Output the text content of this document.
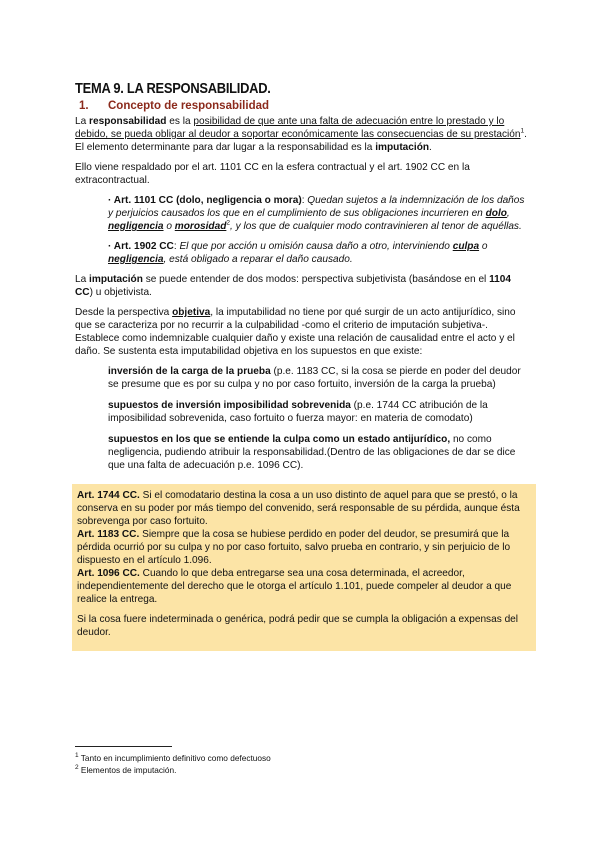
TEMA 9. LA RESPONSABILIDAD.
1. Concepto de responsabilidad

La responsabilidad es la posibilidad de que ante una falta de adecuación entre lo prestado y lo debido, se pueda obligar al deudor a soportar económicamente las consecuencias de su prestación$^1$. El elemento determinante para dar lugar a la responsabilidad es la imputación.

Ello viene respaldado por el art. 1101 CC en la esfera contractual y el art. 1902 CC en la extracontractual.

· Art. 1101 CC (dolo, negligencia o mora): Quedan sujetos a la indemnización de los daños y perjuicios causados los que en el cumplimiento de sus obligaciones incurrieren en dolo, negligencia o morosidad$^2$, y los que de cualquier modo contravinieren al tenor de aquéllas.

· Art. 1902 CC: El que por acción u omisión causa daño a otro, interviniendo culpa o negligencia, está obligado a reparar el daño causado.

La imputación se puede entender de dos modos: perspectiva subjetivista (basándose en el 1104 CC) u objetivista.

Desde la perspectiva objetiva, la imputabilidad no tiene por qué surgir de un acto antijurídico, sino que se caracteriza por no recurrir a la culpabilidad -como el criterio de imputación subjetiva-. Establece como indemnizable cualquier daño y existe una relación de causalidad entre el acto y el daño. Se sustenta esta imputabilidad objetiva en los supuestos en que existe:

inversión de la carga de la prueba (p.e. 1183 CC, si la cosa se pierde en poder del deudor se presume que es por su culpa y no por caso fortuito, inversión de la carga la prueba)

supuestos de inversión imposibilidad sobrevenida (p.e. 1744 CC atribución de la imposibilidad sobrevenida, caso fortuito o fuerza mayor: en materia de comodato)

supuestos en los que se entiende la culpa como un estado antijurídico, no como negligencia, pudiendo atribuir la responsabilidad.(Dentro de las obligaciones de dar se dice que una falta de adecuación p.e. 1096 CC).

Art. 1744 CC. Si el comodatario destina la cosa a un uso distinto de aquel para que se prestó, o la conserva en su poder por más tiempo del convenido, será responsable de su pérdida, aunque ésta sobrevenga por caso fortuito.

Art. 1183 CC. Siempre que la cosa se hubiese perdido en poder del deudor, se presumirá que la pérdida ocurrió por su culpa y no por caso fortuito, salvo prueba en contrario, y sin perjuicio de lo dispuesto en el artículo 1.096.

Art. 1096 CC. Cuando lo que deba entregarse sea una cosa determinada, el acreedor, independientemente del derecho que le otorga el artículo 1.101, puede compeler al deudor a que realice la entrega.

Si la cosa fuere indeterminada o genérica, podrá pedir que se cumpla la obligación a expensas del deudor.

$^1$ Tanto en incumplimiento definitivo como defectuoso
$^2$ Elementos de imputación.
